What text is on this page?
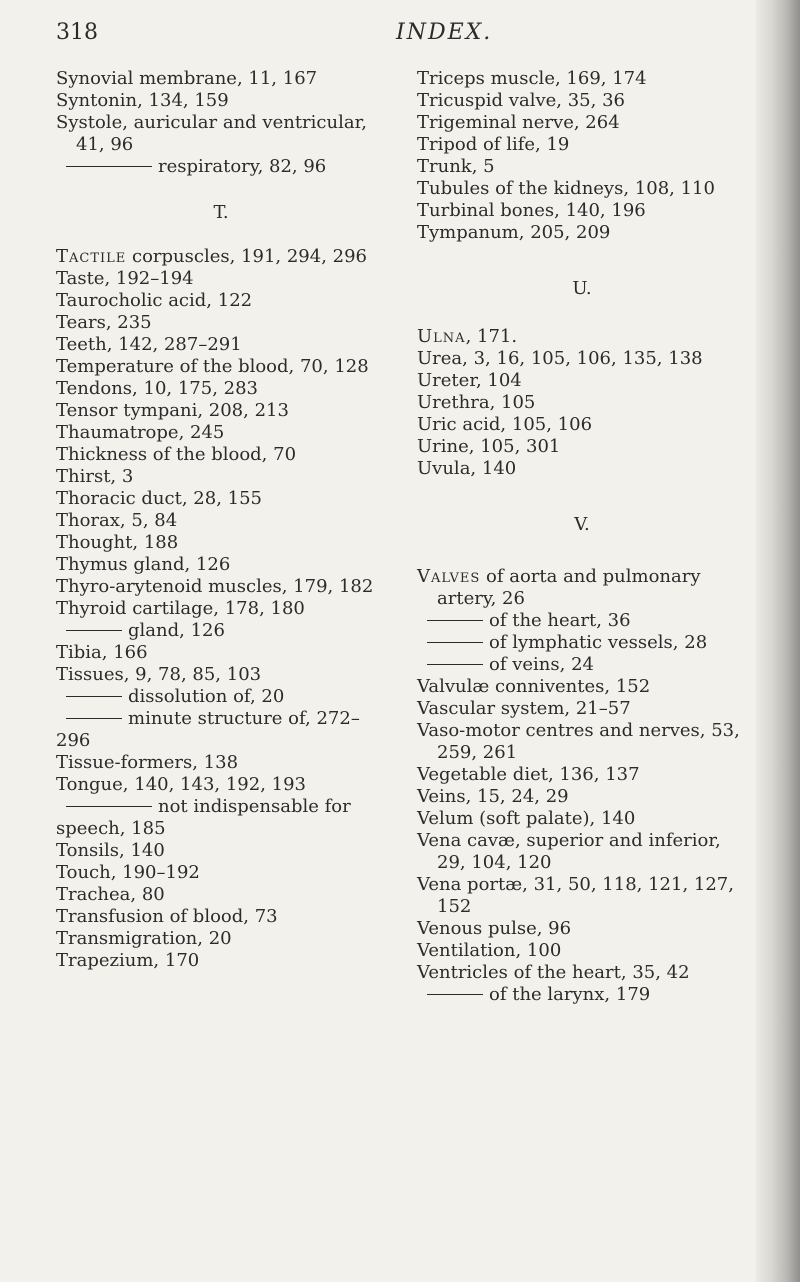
318	INDEX.
Synovial membrane, 11, 167
Syntonin, 134, 159
Systole, auricular and ventricular, 41, 96
respiratory, 82, 96
T.
Tactile corpuscles, 191, 294, 296
Taste, 192–194
Taurocholic acid, 122
Tears, 235
Teeth, 142, 287–291
Temperature of the blood, 70, 128
Tendons, 10, 175, 283
Tensor tympani, 208, 213
Thaumatrope, 245
Thickness of the blood, 70
Thirst, 3
Thoracic duct, 28, 155
Thorax, 5, 84
Thought, 188
Thymus gland, 126
Thyro-arytenoid muscles, 179, 182
Thyroid cartilage, 178, 180
gland, 126
Tibia, 166
Tissues, 9, 78, 85, 103
dissolution of, 20
minute structure of, 272–296
Tissue-formers, 138
Tongue, 140, 143, 192, 193
not indispensable for speech, 185
Tonsils, 140
Touch, 190–192
Trachea, 80
Transfusion of blood, 73
Transmigration, 20
Trapezium, 170
Triceps muscle, 169, 174
Tricuspid valve, 35, 36
Trigeminal nerve, 264
Tripod of life, 19
Trunk, 5
Tubules of the kidneys, 108, 110
Turbinal bones, 140, 196
Tympanum, 205, 209
U.
Ulna, 171.
Urea, 3, 16, 105, 106, 135, 138
Ureter, 104
Urethra, 105
Uric acid, 105, 106
Urine, 105, 301
Uvula, 140
V.
Valves of aorta and pulmonary artery, 26
of the heart, 36
of lymphatic vessels, 28
of veins, 24
Valvulæ conniventes, 152
Vascular system, 21–57
Vaso-motor centres and nerves, 53, 259, 261
Vegetable diet, 136, 137
Veins, 15, 24, 29
Velum (soft palate), 140
Vena cavæ, superior and inferior, 29, 104, 120
Vena portæ, 31, 50, 118, 121, 127, 152
Venous pulse, 96
Ventilation, 100
Ventricles of the heart, 35, 42
of the larynx, 179
